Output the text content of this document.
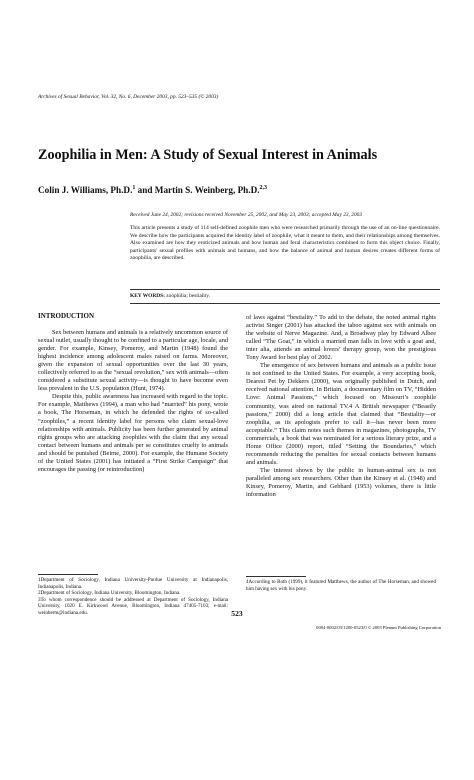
Archives of Sexual Behavior, Vol. 32, No. 6, December 2003, pp. 523–535 (© 2003)
Zoophilia in Men: A Study of Sexual Interest in Animals
Colin J. Williams, Ph.D.$^1$ and Martin S. Weinberg, Ph.D.$^{2,3}$
Received June 24, 2002; revisions received November 25, 2002, and May 23, 2003; accepted May 23, 2003
This article presents a study of 114 self-defined zoophile men who were researched primarily through the use of an on-line questionnaire. We describe how the participants acquired the identity label of zoophile, what it meant to them, and their relationships among themselves. Also examined are how they eroticized animals and how human and feral characteristics combined to form this object choice. Finally, participants' sexual profiles with animals and humans, and how the balance of animal and human desires creates different forms of zoophilia, are described.
KEY WORDS: zoophilia; bestiality.
INTRODUCTION

Sex between humans and animals is a relatively uncommon source of sexual outlet, usually thought to be confined to a particular age, locale, and gender. For example, Kinsey, Pomeroy, and Martin (1948) found the highest incidence among adolescent males raised on farms. Moreover, given the expansion of sexual opportunities over the last 30 years, collectively referred to as the “sexual revolution,” sex with animals—often considered a substitute sexual activity—is thought to have become even less prevalent in the U.S. population (Hunt, 1974).

Despite this, public awareness has increased with regard to the topic. For example, Matthews (1994), a man who had “married” his pony, wrote a book, The Horseman, in which he defended the rights of so-called “zoophiles,” a recent identity label for persons who claim sexual-love relationships with animals. Publicity has been further generated by animal rights groups who are attacking zoophiles with the claim that any sexual contact between humans and animals per se constitutes cruelty to animals and should be punished (Beirne, 2000). For example, the Humane Society of the United States (2001) has initiated a “First Strike Campaign” that encourages the passing (or reintroduction)

of laws against “bestiality.” To add to the debate, the noted animal rights activist Singer (2001) has attacked the taboo against sex with animals on the website of Nerve Magazine. And, a Broadway play by Edward Albee called “The Goat,” in which a married man falls in love with a goat and, inter alia, attends an animal lovers’ therapy group, won the prestigious Tony Award for best play of 2002.

The emergence of sex between humans and animals as a public issue is not confined to the United States. For example, a very accepting book, Dearest Pet by Dekkers (2000), was originally published in Dutch, and received national attention. In Britain, a documentary film on TV, “Hidden Love: Animal Passions,” which focused on Missouri’s zoophile community, was aired on national TV.4 A British newspaper (“Beastly passions,” 2000) did a long article that claimed that “Bestiality—or zoophilia, as its apologists prefer to call it—has never been more acceptable.” This claim notes such themes in magazines, photographs, TV commercials, a book that was nominated for a serious literary prize, and a Home Office (2000) report, titled “Setting the Boundaries,” which recommends reducing the penalties for sexual contacts between humans and animals.

The interest shown by the public in human-animal sex is not paralleled among sex researchers. Other than the Kinsey et al. (1948) and Kinsey, Pomeroy, Martin, and Gebhard (1953) volumes, there is little information

1Department of Sociology, Indiana University-Purdue University at Indianapolis, Indianapolis, Indiana.

2Department of Sociology, Indiana University, Bloomington, Indiana.

3To whom correspondence should be addressed at Department of Sociology, Indiana University, 1020 E. Kirkwood Avenue, Bloomington, Indiana 47405-7103; e-mail: weinberm@indiana.edu.

4According to Roth (1999), it featured Matthews, the author of The Horseman, and showed him having sex with his pony.

523
0004-0002/03/1200-0523/0 © 2003 Plenum Publishing Corporation
